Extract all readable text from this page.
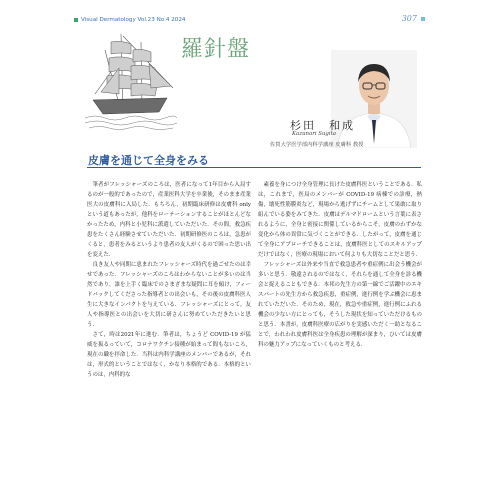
Visual Dermatology Vol.23 No.4 2024	307
羅針盤
杉田　和成
Kazunari Sugita
佐賀大学医学部内科学講座 皮膚科 教授
皮膚を通じて全身をみる

筆者がフレッシャーズのころは，医者になって1年目から入局するのが一般的であったので，産業医科大学を卒業後，そのまま産業医大の皮膚科に入局した．もちろん，初期臨床研修は皮膚科 only という道もあったが，他科をローテーションすることがほとんどなかったため，内科と小児科に派遣していただいた．その間，救急疾患をたくさん経験させていただいた．初期研修医のころは，急患がくると，患者をみるというより患者の友人がくるので困った思い出を変えた．

良き友人や同期に恵まれたフレッシャーズ時代を過ごせたのは幸せであった．フレッシャーズのころはわからないことが多いのは当然であり，誰を上手く臨床でのさまざまな疑問に耳を傾け，フィードバックしてくださった指導者との出会いも，その後の皮膚科医人生に大きなインパクトを与えている．フレッシャーズにとって，友人や指導医との出会いを大切に研さんに努めていただきたいと思う．

さて，時は2021年に進む．筆者は，ちょうど COVID-19 が猛威を振るっていて，コロナワクチン接種が始まって間もないころ，現在の職を拝命した．当科は内科学講座のメンバーであるが，それは，形式的ということではなく，かなり本格的である．本格的というのは，内科的な

素養を身につけ全身管理に長けた皮膚科医ということである．私は，これまで，医局のメンバーが COVID-19 病棟での診療，熱傷，壊死性筋膜炎など，現場から逃げずにチームとして果敢に取り組んでいる姿をみてきた．皮膚はデルマドロームという言葉に表されるように，全身と密接に関係しているからこそ，皮膚のわずかな変化から体の異常に気づくことができる．したがって，皮膚を通じて全身にアプローチできることは，皮膚科医としてのスキルアップだけではなく，医療の現場において何よりも大切なことだと思う．

フレッシャーズは外来や当直で救急患者や重症例に出会う機会が多いと思う．敬遠されるのではなく，それらを通して全身を診る機会と捉えることもできる．本邦の先生方の第一線でご活躍中のエキスパートの先生方から救急疾患，重症例，進行例を学ぶ機会に恵まれていただいた．そのため，現在，救急や重症例，進行例にふれる機会の少ない方にとっても，そうした現状を知っていただけるものと思う．本書が，皮膚科医療の広がりを実感いただく一助となることで，われわれ皮膚科医は全身疾患の理解が深まり，ひいては皮膚科の魅力アップになっていくものと考える．
